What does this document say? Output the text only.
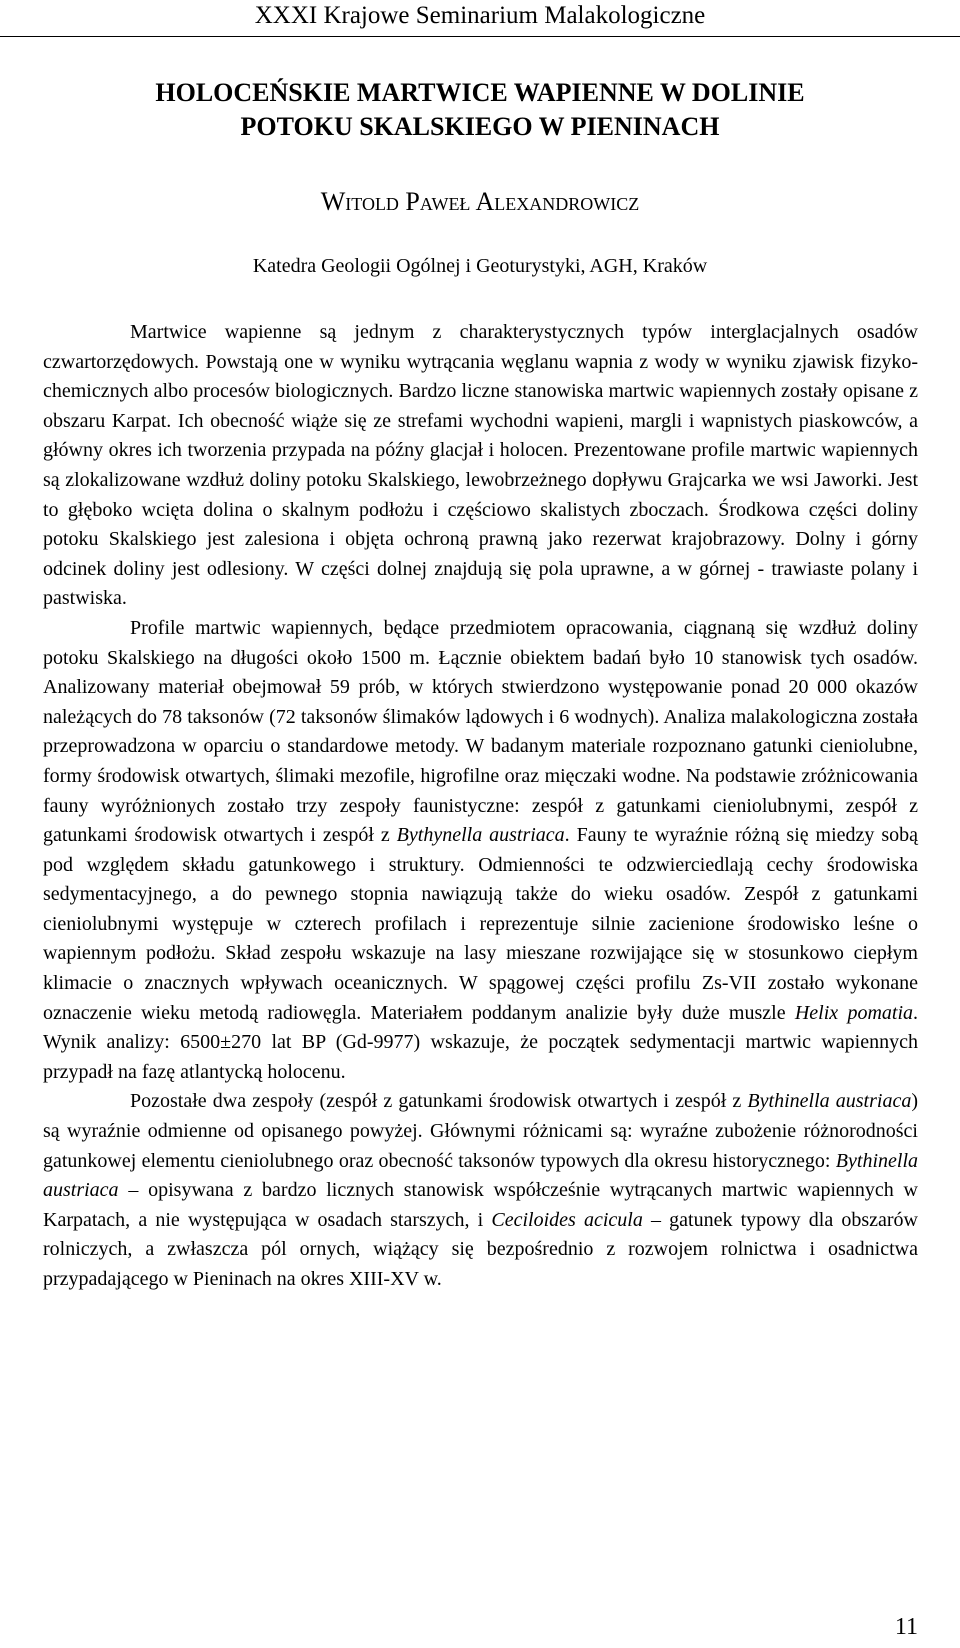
XXXI Krajowe Seminarium Malakologiczne
HOLOCEŃSKIE MARTWICE WAPIENNE W DOLINIE
POTOKU SKALSKIEGO W PIENINACH
Witold Paweł Alexandrowicz
Katedra Geologii Ogólnej i Geoturystyki, AGH, Kraków

Martwice wapienne są jednym z charakterystycznych typów interglacjalnych osadów czwartorzędowych. Powstają one w wyniku wytrącania węglanu wapnia z wody w wyniku zjawisk fizyko-chemicznych albo procesów biologicznych. Bardzo liczne stanowiska martwic wapiennych zostały opisane z obszaru Karpat. Ich obecność wiąże się ze strefami wychodni wapieni, margli i wapnistych piaskowców, a główny okres ich tworzenia przypada na późny glacjał i holocen. Prezentowane profile martwic wapiennych są zlokalizowane wzdłuż doliny potoku Skalskiego, lewobrzeżnego dopływu Grajcarka we wsi Jaworki. Jest to głęboko wcięta dolina o skalnym podłożu i częściowo skalistych zboczach. Środkowa części doliny potoku Skalskiego jest zalesiona i objęta ochroną prawną jako rezerwat krajobrazowy. Dolny i górny odcinek doliny jest odlesiony. W części dolnej znajdują się pola uprawne, a w górnej - trawiaste polany i pastwiska.

Profile martwic wapiennych, będące przedmiotem opracowania, ciągnaną się wzdłuż doliny potoku Skalskiego na długości około 1500 m. Łącznie obiektem badań było 10 stanowisk tych osadów. Analizowany materiał obejmował 59 prób, w których stwierdzono występowanie ponad 20 000 okazów należących do 78 taksonów (72 taksonów ślimaków lądowych i 6 wodnych). Analiza malakologiczna została przeprowadzona w oparciu o standardowe metody. W badanym materiale rozpoznano gatunki cieniolubne, formy środowisk otwartych, ślimaki mezofile, higrofilne oraz mięczaki wodne. Na podstawie zróżnicowania fauny wyróżnionych zostało trzy zespoły faunistyczne: zespół z gatunkami cieniolubnymi, zespół z gatunkami środowisk otwartych i zespół z Bythynella austriaca. Fauny te wyraźnie różną się miedzy sobą pod względem składu gatunkowego i struktury. Odmienności te odzwierciedlają cechy środowiska sedymentacyjnego, a do pewnego stopnia nawiązują także do wieku osadów. Zespół z gatunkami cieniolubnymi występuje w czterech profilach i reprezentuje silnie zacienione środowisko leśne o wapiennym podłożu. Skład zespołu wskazuje na lasy mieszane rozwijające się w stosunkowo ciepłym klimacie o znacznych wpływach oceanicznych. W spągowej części profilu Zs-VII zostało wykonane oznaczenie wieku metodą radiowęgla. Materiałem poddanym analizie były duże muszle Helix pomatia. Wynik analizy: 6500±270 lat BP (Gd-9977) wskazuje, że początek sedymentacji martwic wapiennych przypadł na fazę atlantycką holocenu.

Pozostałe dwa zespoły (zespół z gatunkami środowisk otwartych i zespół z Bythinella austriaca) są wyraźnie odmienne od opisanego powyżej. Głównymi różnicami są: wyraźne zubożenie różnorodności gatunkowej elementu cieniolubnego oraz obecność taksonów typowych dla okresu historycznego: Bythinella austriaca – opisywana z bardzo licznych stanowisk współcześnie wytrącanych martwic wapiennych w Karpatach, a nie występująca w osadach starszych, i Ceciloides acicula – gatunek typowy dla obszarów rolniczych, a zwłaszcza pól ornych, wiążący się bezpośrednio z rozwojem rolnictwa i osadnictwa przypadającego w Pieninach na okres XIII-XV w.

11
